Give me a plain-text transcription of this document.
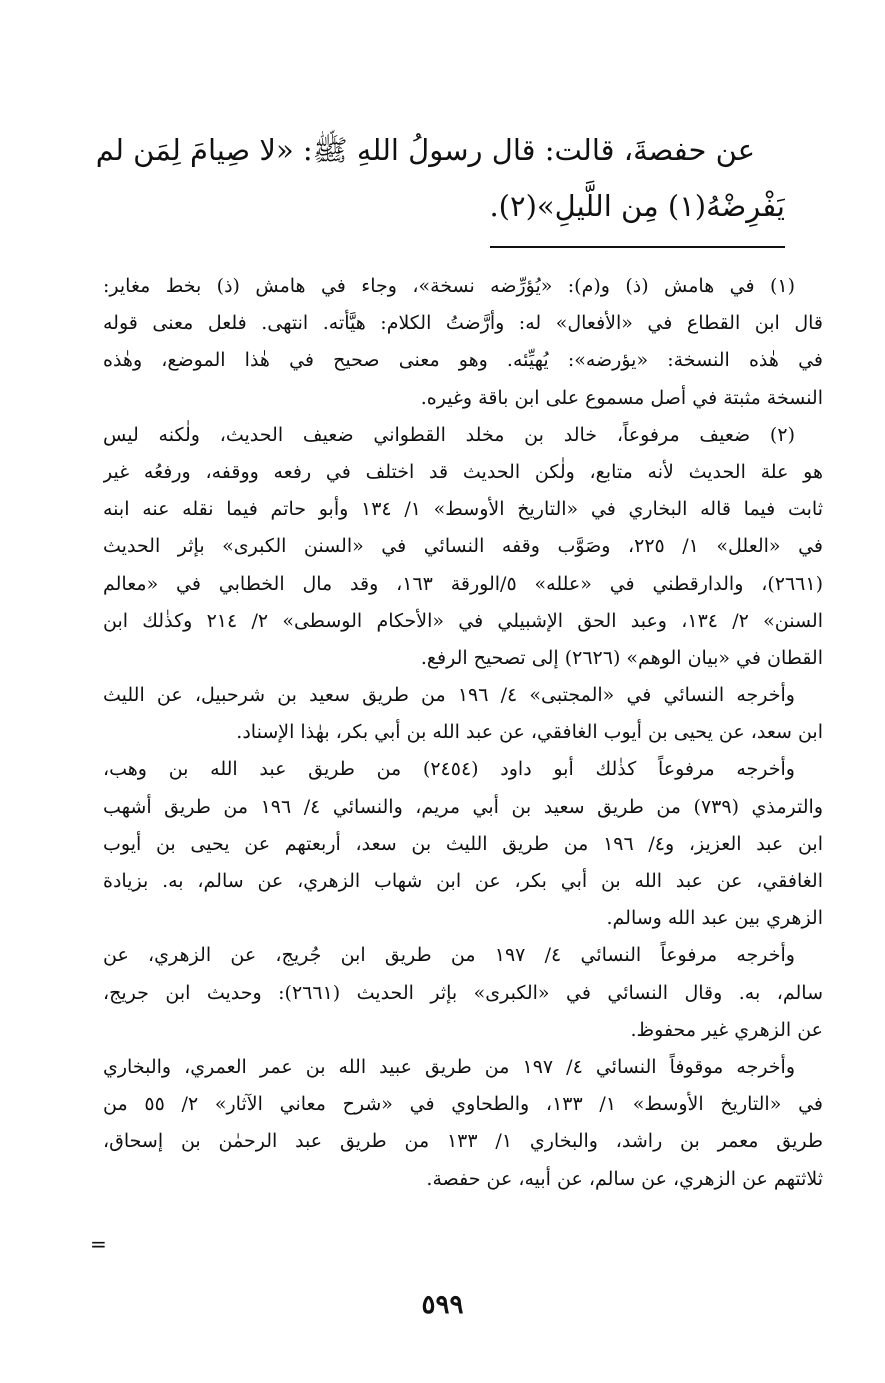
عن حفصةَ، قالت: قال رسولُ اللهِ ﷺ: «لا صِيامَ لِمَن لم
يَفْرِضْهُ(١) مِن اللَّيلِ»(٢).
(١) في هامش (ذ) و(م): «يُؤرِّضه نسخة»، وجاء في هامش (ذ) بخط مغاير:
قال ابن القطاع في «الأفعال» له: وأرَّضتُ الكلام: هيَّأته. انتهى. فلعل معنى قوله
في هٰذه النسخة: «يؤرضه»: يُهيِّئه. وهو معنى صحيح في هٰذا الموضع، وهٰذه
النسخة مثبتة في أصل مسموع على ابن باقة وغيره.
(٢) ضعيف مرفوعاً، خالد بن مخلد القطواني ضعيف الحديث، ولٰكنه ليس
هو علة الحديث لأنه متابع، ولٰكن الحديث قد اختلف في رفعه ووقفه، ورفعُه غير
ثابت فيما قاله البخاري في «التاريخ الأوسط» ١/ ١٣٤ وأبو حاتم فيما نقله عنه ابنه
في «العلل» ١/ ٢٢٥، وصَوَّب وقفه النسائي في «السنن الكبرى» بإثر الحديث
(٢٦٦١)، والدارقطني في «علله» ٥/الورقة ١٦٣، وقد مال الخطابي في «معالم
السنن» ٢/ ١٣٤، وعبد الحق الإشبيلي في «الأحكام الوسطى» ٢/ ٢١٤ وكذٰلك ابن
القطان في «بيان الوهم» (٢٦٢٦) إلى تصحيح الرفع.
وأخرجه النسائي في «المجتبى» ٤/ ١٩٦ من طريق سعيد بن شرحبيل، عن الليث
ابن سعد، عن يحيى بن أيوب الغافقي، عن عبد الله بن أبي بكر، بهٰذا الإسناد.
وأخرجه مرفوعاً كذٰلك أبو داود (٢٤٥٤) من طريق عبد الله بن وهب،
والترمذي (٧٣٩) من طريق سعيد بن أبي مريم، والنسائي ٤/ ١٩٦ من طريق أشهب
ابن عبد العزيز، و٤/ ١٩٦ من طريق الليث بن سعد، أربعتهم عن يحيى بن أيوب
الغافقي، عن عبد الله بن أبي بكر، عن ابن شهاب الزهري، عن سالم، به. بزيادة
الزهري بين عبد الله وسالم.
وأخرجه مرفوعاً النسائي ٤/ ١٩٧ من طريق ابن جُريج، عن الزهري، عن
سالم، به. وقال النسائي في «الكبرى» بإثر الحديث (٢٦٦١): وحديث ابن جريج،
عن الزهري غير محفوظ.
وأخرجه موقوفاً النسائي ٤/ ١٩٧ من طريق عبيد الله بن عمر العمري، والبخاري
في «التاريخ الأوسط» ١/ ١٣٣، والطحاوي في «شرح معاني الآثار» ٢/ ٥٥ من
طريق معمر بن راشد، والبخاري ١/ ١٣٣ من طريق عبد الرحمٰن بن إسحاق،
ثلاثتهم عن الزهري، عن سالم، عن أبيه، عن حفصة.
=
٥٩٩
